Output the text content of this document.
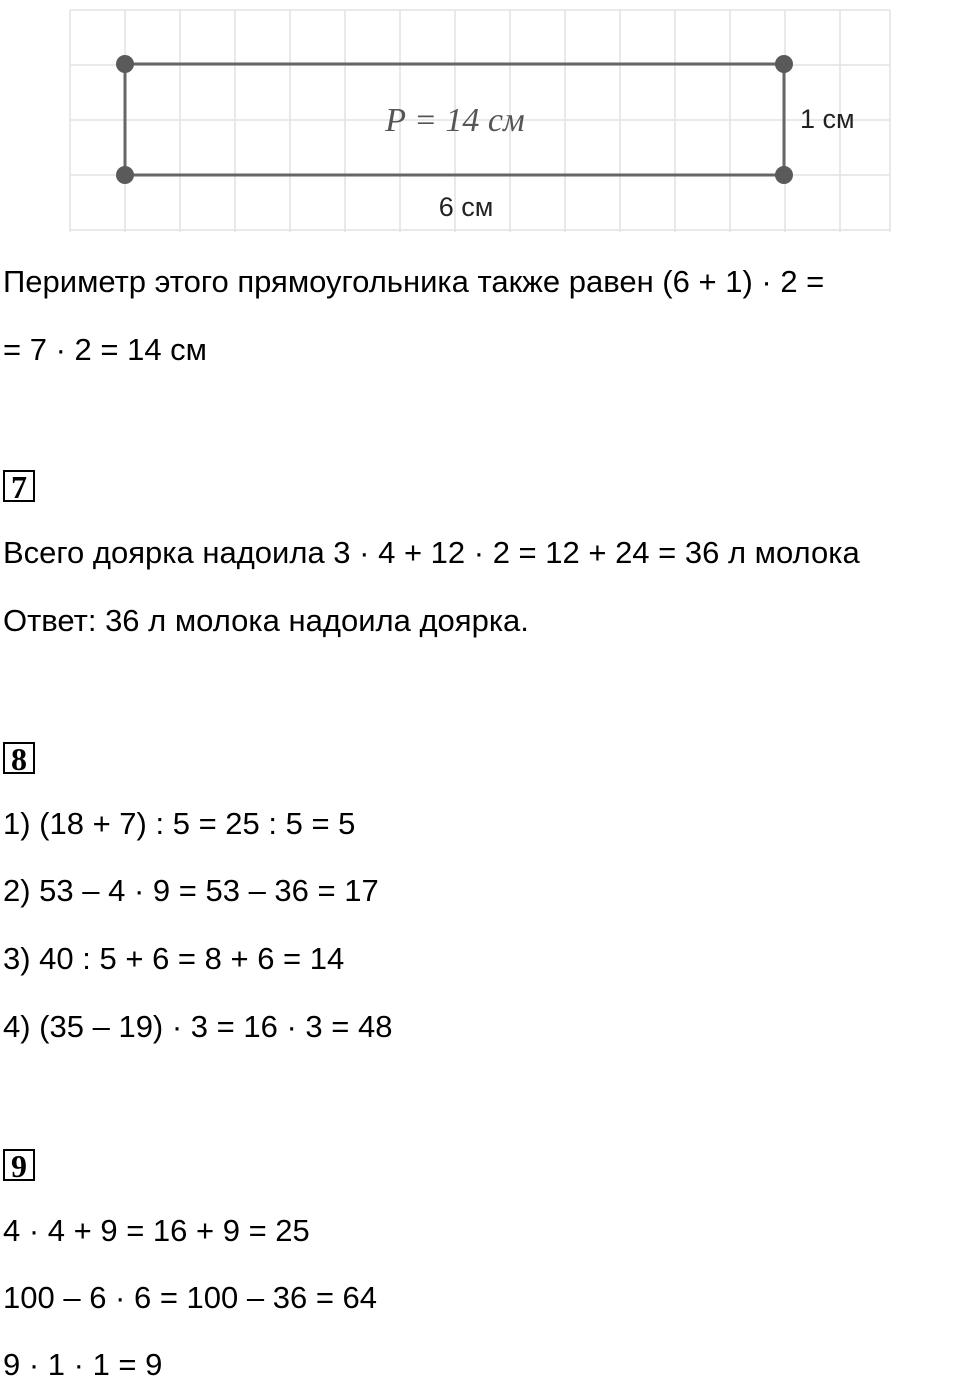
P = 14 см
6 см
1 см
Периметр этого прямоугольника также равен (6 + 1) · 2 =
= 7 · 2 = 14 см
7
Всего доярка надоила 3 · 4 + 12 · 2 = 12 + 24 = 36 л молока
Ответ: 36 л молока надоила доярка.
8
1) (18 + 7) : 5 = 25 : 5 = 5
2) 53 – 4 · 9 = 53 – 36 = 17
3) 40 : 5 + 6 = 8 + 6 = 14
4) (35 – 19) · 3 = 16 · 3 = 48
9
4 · 4 + 9 = 16 + 9 = 25
100 – 6 · 6 = 100 – 36 = 64
9 · 1 · 1 = 9
